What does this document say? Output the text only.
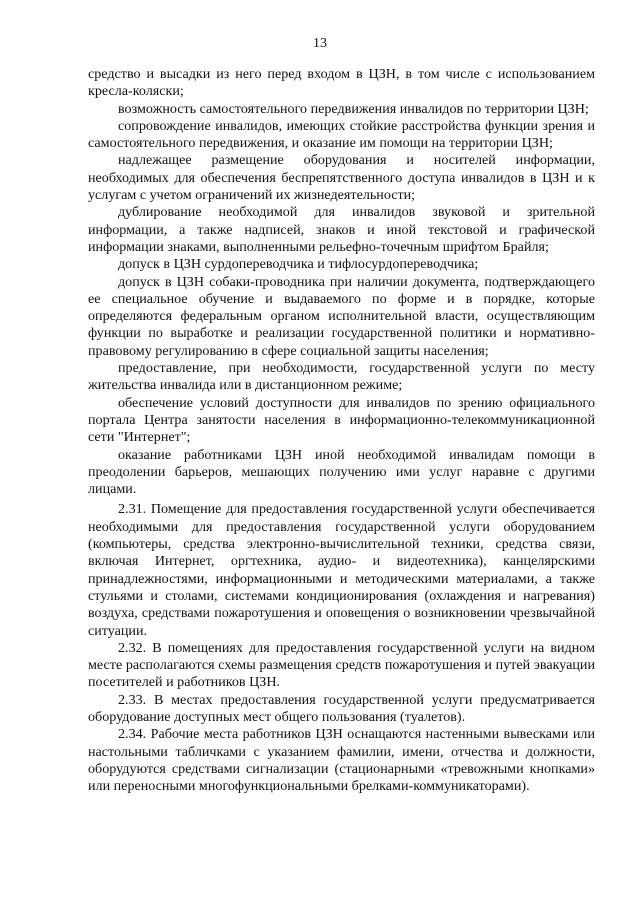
13

средство и высадки из него перед входом в ЦЗН, в том числе с использованием кресла-коляски;

возможность самостоятельного передвижения инвалидов по территории ЦЗН;

сопровождение инвалидов, имеющих стойкие расстройства функции зрения и самостоятельного передвижения, и оказание им помощи на территории ЦЗН;

надлежащее размещение оборудования и носителей информации, необходимых для обеспечения беспрепятственного доступа инвалидов в ЦЗН и к услугам с учетом ограничений их жизнедеятельности;

дублирование необходимой для инвалидов звуковой и зрительной информации, а также надписей, знаков и иной текстовой и графической информации знаками, выполненными рельефно-точечным шрифтом Брайля;

допуск в ЦЗН сурдопереводчика и тифлосурдопереводчика;

допуск в ЦЗН собаки-проводника при наличии документа, подтверждающего ее специальное обучение и выдаваемого по форме и в порядке, которые определяются федеральным органом исполнительной власти, осуществляющим функции по выработке и реализации государственной политики и нормативно-правовому регулированию в сфере социальной защиты населения;

предоставление, при необходимости, государственной услуги по месту жительства инвалида или в дистанционном режиме;

обеспечение условий доступности для инвалидов по зрению официального портала Центра занятости населения в информационно-телекоммуникационной сети "Интернет";

оказание работниками ЦЗН иной необходимой инвалидам помощи в преодолении барьеров, мешающих получению ими услуг наравне с другими лицами.

2.31. Помещение для предоставления государственной услуги обеспечивается необходимыми для предоставления государственной услуги оборудованием (компьютеры, средства электронно-вычислительной техники, средства связи, включая Интернет, оргтехника, аудио- и видеотехника), канцелярскими принадлежностями, информационными и методическими материалами, а также стульями и столами, системами кондиционирования (охлаждения и нагревания) воздуха, средствами пожаротушения и оповещения о возникновении чрезвычайной ситуации.

2.32. В помещениях для предоставления государственной услуги на видном месте располагаются схемы размещения средств пожаротушения и путей эвакуации посетителей и работников ЦЗН.

2.33. В местах предоставления государственной услуги предусматривается оборудование доступных мест общего пользования (туалетов).

2.34. Рабочие места работников ЦЗН оснащаются настенными вывесками или настольными табличками с указанием фамилии, имени, отчества и должности, оборудуются средствами сигнализации (стационарными «тревожными кнопками» или переносными многофункциональными брелками-коммуникаторами).
